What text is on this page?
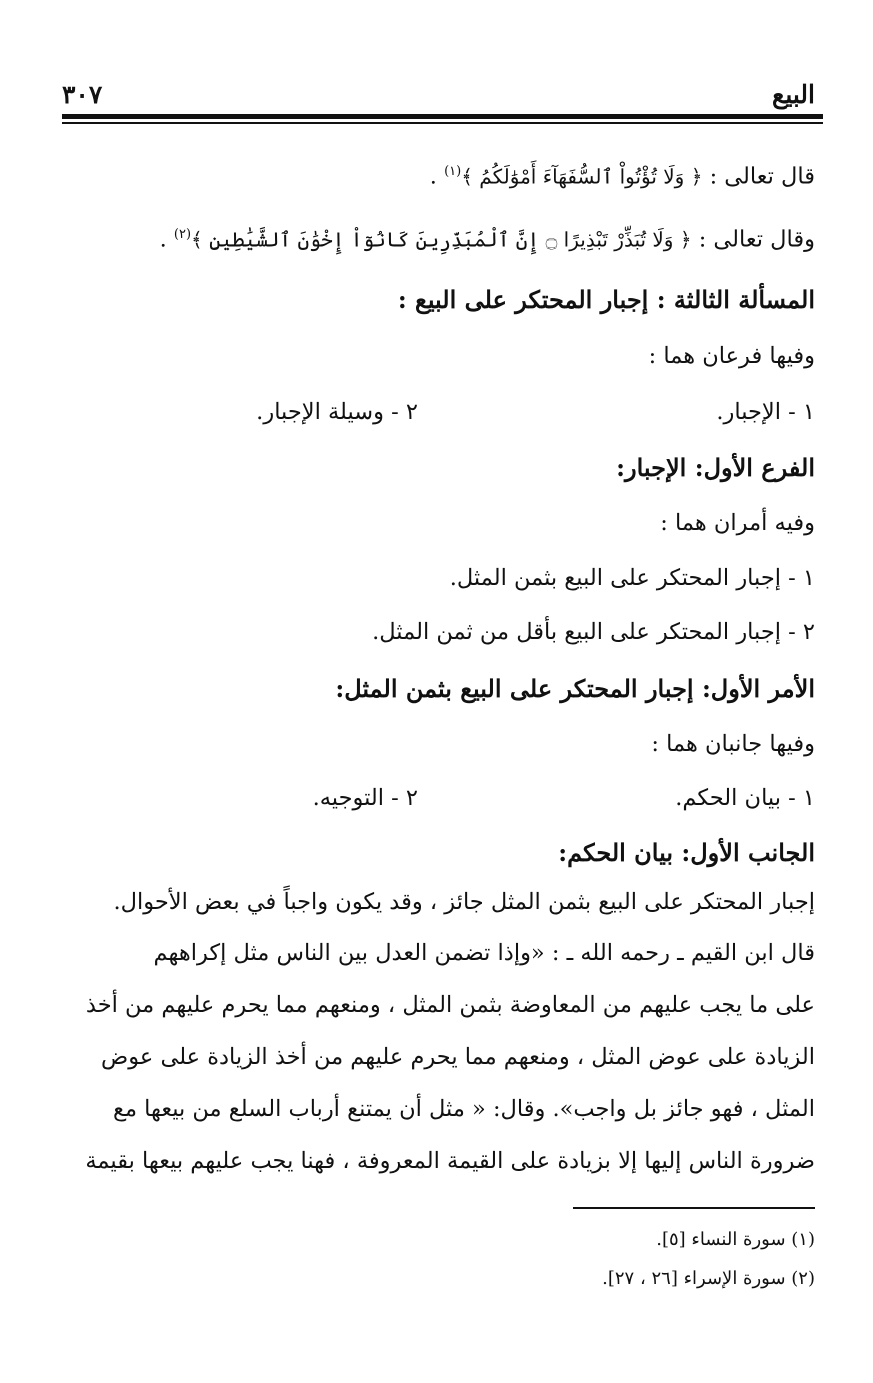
البيع
٣٠٧
قال تعالى : ﴿ وَلَا تُؤْتُواْ ٱلسُّفَهَآءَ أَمْوَٰلَكُمُ ﴾$^{(١)}$ .
وقال تعالى : ﴿ وَلَا تُبَذِّرْ تَبْذِيرًا ۝ إِنَّ ٱلْمُبَذِّرِينَ كَانُوٓاْ إِخْوَٰنَ ٱلشَّيَٰطِينِ ﴾$^{(٢)}$ .
المسألة الثالثة : إجبار المحتكر على البيع :
وفيها فرعان هما :
١ - الإجبار.
٢ - وسيلة الإجبار.
الفرع الأول: الإجبار:
وفيه أمران هما :
١ - إجبار المحتكر على البيع بثمن المثل.
٢ - إجبار المحتكر على البيع بأقل من ثمن المثل.
الأمر الأول: إجبار المحتكر على البيع بثمن المثل:
وفيها جانبان هما :
١ - بيان الحكم.
٢ - التوجيه.
الجانب الأول: بيان الحكم:
إجبار المحتكر على البيع بثمن المثل جائز ، وقد يكون واجباً في بعض الأحوال.

قال ابن القيم ـ رحمه الله ـ : «وإذا تضمن العدل بين الناس مثل إكراههم

على ما يجب عليهم من المعاوضة بثمن المثل ، ومنعهم مما يحرم عليهم من أخذ

الزيادة على عوض المثل ، ومنعهم مما يحرم عليهم من أخذ الزيادة على عوض

المثل ، فهو جائز بل واجب». وقال: « مثل أن يمتنع أرباب السلع من بيعها مع

ضرورة الناس إليها إلا بزيادة على القيمة المعروفة ، فهنا يجب عليهم بيعها بقيمة

(١) سورة النساء [٥].
(٢) سورة الإسراء [٢٦ ، ٢٧].
